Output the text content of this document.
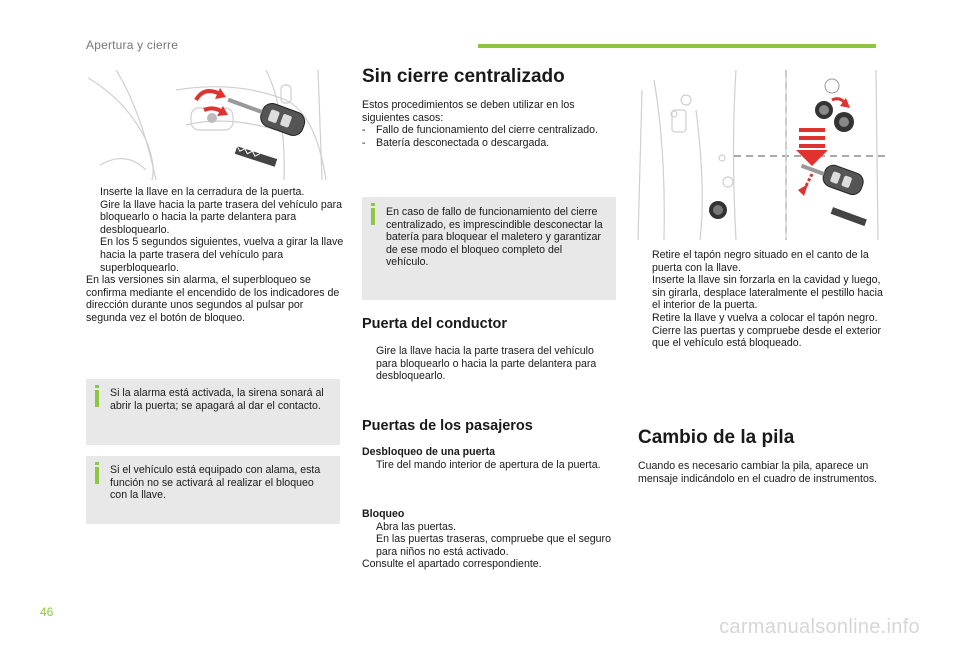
Apertura y cierre
Inserte la llave en la cerradura de la puerta.
Gire la llave hacia la parte trasera del vehículo para bloquearlo o hacia la parte delantera para desbloquearlo.
En los 5 segundos siguientes, vuelva a girar la llave hacia la parte trasera del vehículo para superbloquearlo.
En las versiones sin alarma, el superbloqueo se confirma mediante el encendido de los indicadores de dirección durante unos segundos al pulsar por segunda vez el botón de bloqueo.
Si la alarma está activada, la sirena sonará al abrir la puerta; se apagará al dar el contacto.
Si el vehículo está equipado con alama, esta función no se activará al realizar el bloqueo con la llave.
Sin cierre centralizado
Estos procedimientos se deben utilizar en los siguientes casos:
- Fallo de funcionamiento del cierre centralizado.
- Batería desconectada o descargada.
En caso de fallo de funcionamiento del cierre centralizado, es imprescindible desconectar la batería para bloquear el maletero y garantizar de ese modo el bloqueo completo del vehículo.
Puerta del conductor
Gire la llave hacia la parte trasera del vehículo para bloquearlo o hacia la parte delantera para desbloquearlo.
Puertas de los pasajeros
Desbloqueo de una puerta
Tire del mando interior de apertura de la puerta.
Bloqueo
Abra las puertas.
En las puertas traseras, compruebe que el seguro para niños no está activado.
Consulte el apartado correspondiente.
Retire el tapón negro situado en el canto de la puerta con la llave.
Inserte la llave sin forzarla en la cavidad y luego, sin girarla, desplace lateralmente el pestillo hacia el interior de la puerta.
Retire la llave y vuelva a colocar el tapón negro.
Cierre las puertas y compruebe desde el exterior que el vehículo está bloqueado.
Cambio de la pila
Cuando es necesario cambiar la pila, aparece un mensaje indicándolo en el cuadro de instrumentos.
46
carmanualsonline.info
